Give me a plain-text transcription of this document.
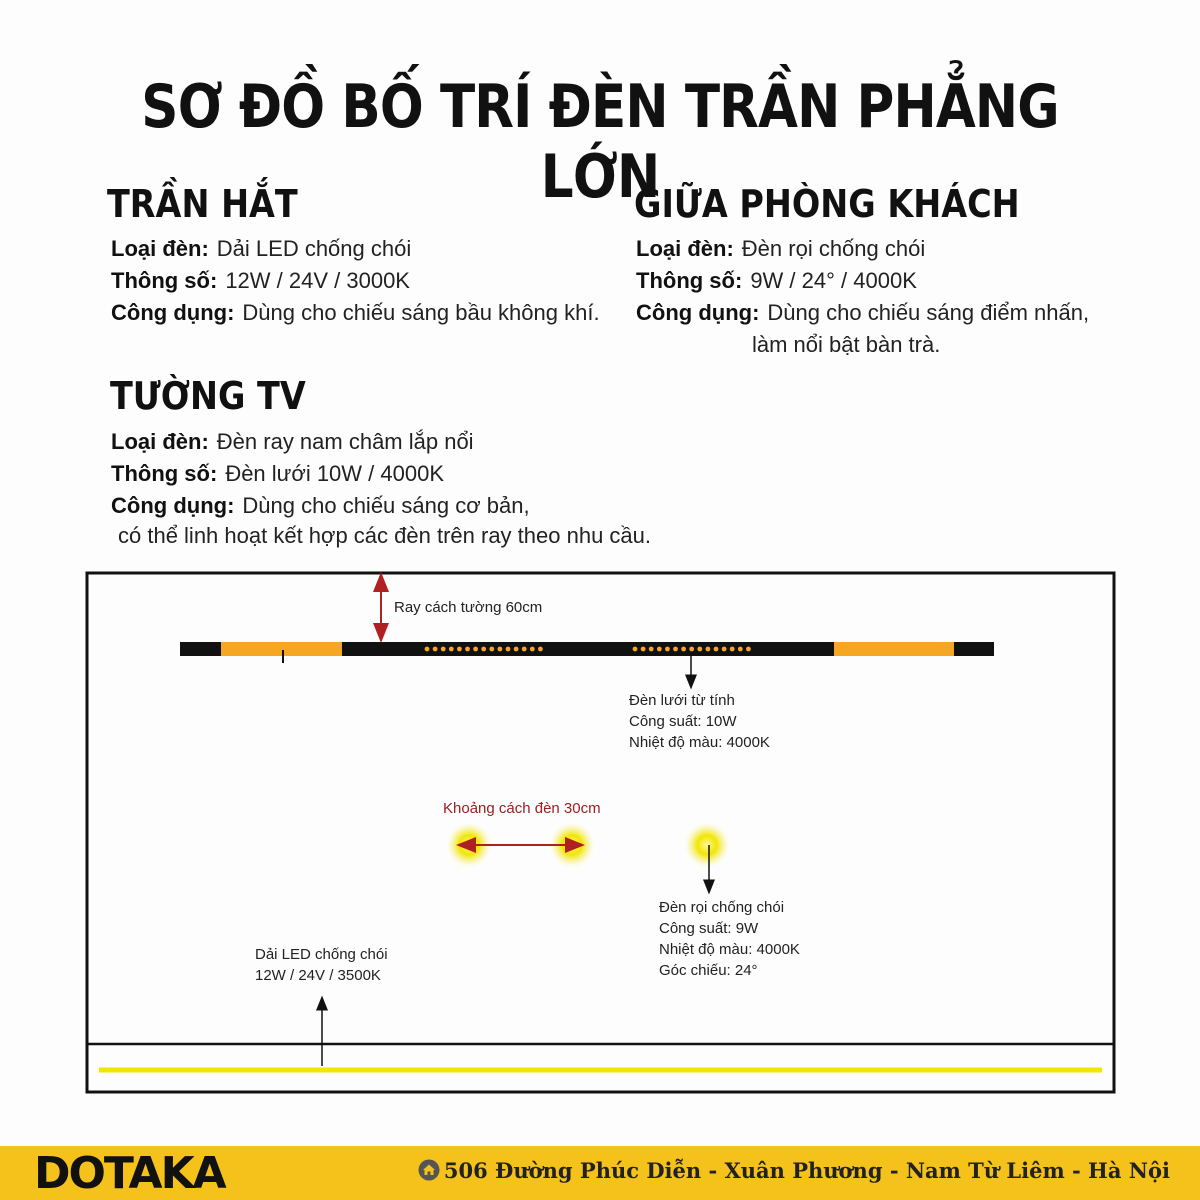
SƠ ĐỒ BỐ TRÍ ĐÈN TRẦN PHẲNG LỚN
TRẦN HẮT
Loại đèn: Dải LED chống chói
Thông số: 12W / 24V / 3000K
Công dụng: Dùng cho chiếu sáng bầu không khí.
GIỮA PHÒNG KHÁCH
Loại đèn: Đèn rọi chống chói
Thông số: 9W / 24° / 4000K
Công dụng: Dùng cho chiếu sáng điểm nhấn,
làm nổi bật bàn trà.
TƯỜNG TV
Loại đèn: Đèn ray nam châm lắp nổi
Thông số: Đèn lưới 10W / 4000K
Công dụng: Dùng cho chiếu sáng cơ bản,
có thể linh hoạt kết hợp các đèn trên ray theo nhu cầu.
Ray cách tường 60cm
Đèn lưới từ tính
Công suất: 10W
Nhiệt độ màu: 4000K
Khoảng cách đèn 30cm
Đèn rọi chống chói
Công suất: 9W
Nhiệt độ màu: 4000K
Góc chiếu: 24°
Dải LED chống chói
12W / 24V / 3500K
DOTAKA	506 Đường Phúc Diễn - Xuân Phương - Nam Từ Liêm - Hà Nội
